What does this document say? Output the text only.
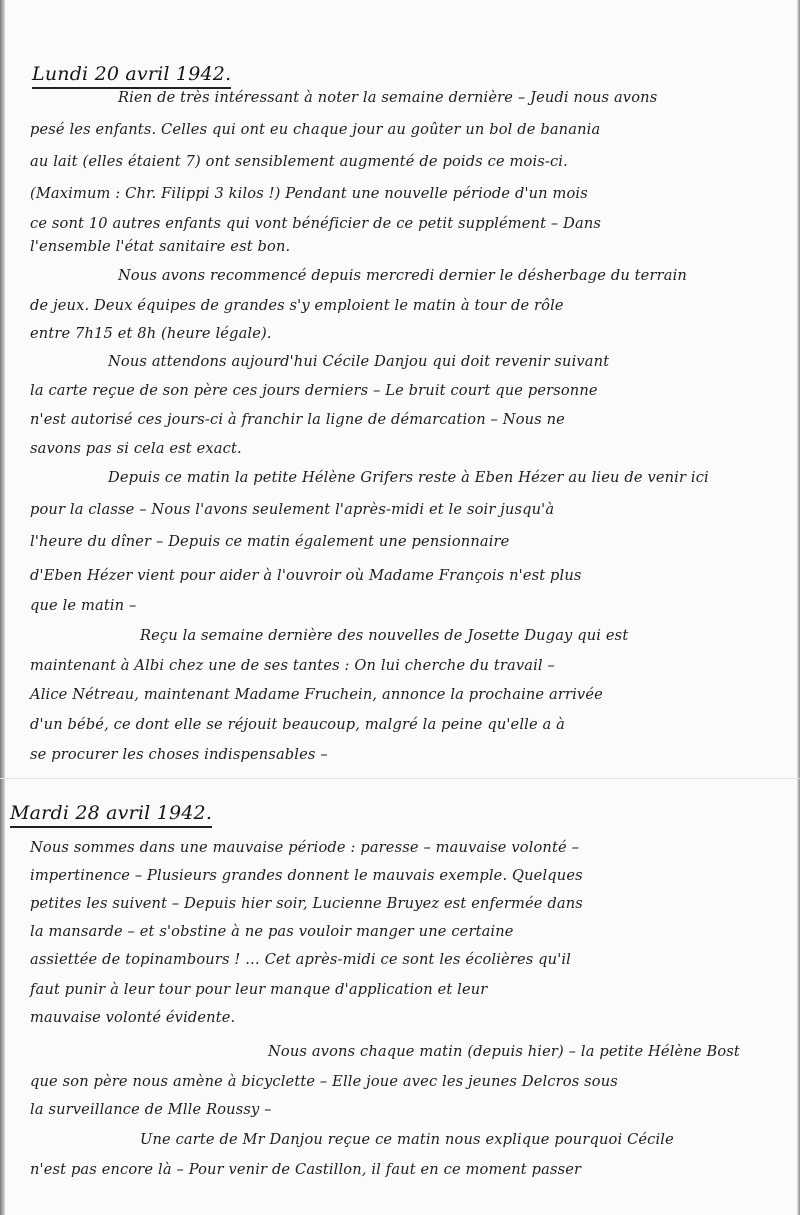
Lundi 20 avril 1942.
Rien de très intéressant à noter la semaine dernière – Jeudi nous avons
pesé les enfants. Celles qui ont eu chaque jour au goûter un bol de banania
au lait (elles étaient 7) ont sensiblement augmenté de poids ce mois-ci.
(Maximum : Chr. Filippi 3 kilos !) Pendant une nouvelle période d'un mois
ce sont 10 autres enfants qui vont bénéficier de ce petit supplément – Dans
l'ensemble l'état sanitaire est bon.
Nous avons recommencé depuis mercredi dernier le désherbage du terrain
de jeux. Deux équipes de grandes s'y emploient le matin à tour de rôle
entre 7h15 et 8h (heure légale).
Nous attendons aujourd'hui Cécile Danjou qui doit revenir suivant
la carte reçue de son père ces jours derniers – Le bruit court que personne
n'est autorisé ces jours-ci à franchir la ligne de démarcation – Nous ne
savons pas si cela est exact.
Depuis ce matin la petite Hélène Grifers reste à Eben Hézer au lieu de venir ici
pour la classe – Nous l'avons seulement l'après-midi et le soir jusqu'à
l'heure du dîner – Depuis ce matin également une pensionnaire
d'Eben Hézer vient pour aider à l'ouvroir où Madame François n'est plus
que le matin –
Reçu la semaine dernière des nouvelles de Josette Dugay qui est
maintenant à Albi chez une de ses tantes : On lui cherche du travail –
Alice Nétreau, maintenant Madame Fruchein, annonce la prochaine arrivée
d'un bébé, ce dont elle se réjouit beaucoup, malgré la peine qu'elle a à
se procurer les choses indispensables –
Mardi 28 avril 1942.
Nous sommes dans une mauvaise période : paresse – mauvaise volonté –
impertinence – Plusieurs grandes donnent le mauvais exemple. Quelques
petites les suivent – Depuis hier soir, Lucienne Bruyez est enfermée dans
la mansarde – et s'obstine à ne pas vouloir manger une certaine
assiettée de topinambours ! … Cet après-midi ce sont les écolières qu'il
faut punir à leur tour pour leur manque d'application et leur
mauvaise volonté évidente.
Nous avons chaque matin (depuis hier) – la petite Hélène Bost
que son père nous amène à bicyclette – Elle joue avec les jeunes Delcros sous
la surveillance de Mlle Roussy –
Une carte de Mr Danjou reçue ce matin nous explique pourquoi Cécile
n'est pas encore là – Pour venir de Castillon, il faut en ce moment passer
